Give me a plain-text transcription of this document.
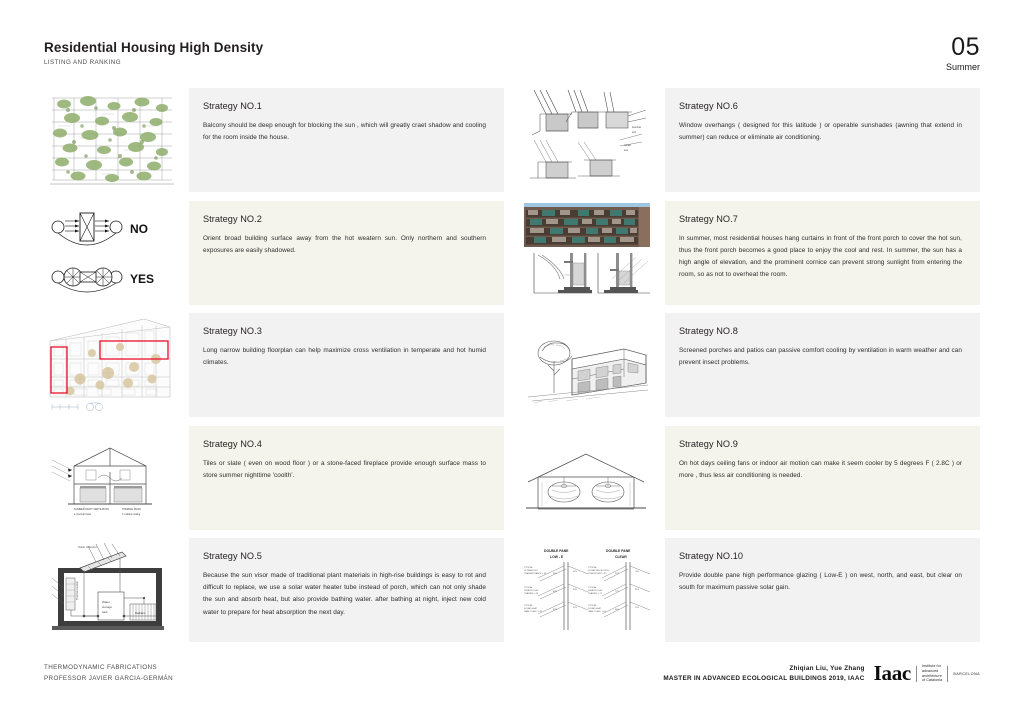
Residential Housing High Density
LISTING AND RANKING
05
Summer
Strategy NO.1
Balcony should be deep enough for blocking the sun , which will greatly craet shadow and cooling for the room inside the house.
summer
sun
winter
sun
Strategy NO.6
Window overhangs ( designed for this latitude ) or operable sunshades (awning that extend in summer) can reduce or eliminate air conditioning.
NO
YES
Strategy NO.2
Orient broad building surface away from the hot weatern sun. Only northern and southern exposures are easily shadowed.
Strategy NO.7
In summer, most residential houses hang curtains in front of the front porch to cover the hot sun, thus the front porch becomes a good place to enjoy the cool and rest. In summer, the sun has a high angle of elevation, and the prominent cornice can prevent strong sunlight from entering the room, so as not to overheat the room.
Strategy NO.3
Long narrow building floorplan can help maximize cross ventilation in temperate and hot humid climates.
Strategy NO.8
Screened porches and patios can passive comfort cooling by ventilation in warm weather and can prevent insect problems.
SUMMER NIGHT VENTILATION	THERMAL MASS
a. thermal mass	b. radiant cooling
Strategy NO.4
Tiles or slate ( even on wood floor ) or a stone-faced fireplace provide enough surface mass to store summer nighttime 'coolth'.
Strategy NO.9
On hot days ceiling fans or indoor air motion can make it seem cooler by 5 degrees F ( 2.8C ) or more , thus less air conditioning is needed.
Solar collector
Thermal module
Water
storage
tank	Radiator
Strategy NO.5
Because the sun visor made of traditional plant materials in high-rise buildings is easy to rot and difficult to replace, we use a solar water heater tube instead of porch, which can not only shade the sun and absorb heat, but also provide bathing water. after bathing at night, inject new cold water to prepare for heat absorption the next day.
DOUBLE PANE
LOW - E
DOUBLE PANE
CLEAR
TYPICAL
ULTRAVIOLET
TRANSMITTANCE = 39
TYPICAL
VISIBLE LIGHT
TRANSM. = 63
TYPICAL
SOLAR HEAT
GAIN COEFF. = 45
39%
45%
63%
60%
45%
52%
TYPICAL
SOLAR REFLECTION
COEFFICIENT = 25
TYPICAL
VISIBLE LIGHT
TRANSM. = 77
TYPICAL
SOLAR HEAT
GAIN COEFF. = 66
25%
76%
77%
81%
66%
70%
Strategy NO.10
Provide double pane high performance glazing ( Low-E ) on west, north, and east, but clear on south for maximum passive solar gain.
THERMODYNAMIC FABRICATIONS
PROFESSOR JAVIER GARCIA-GERMÁN
Zhiqian Liu, Yue Zhang
MASTER IN ADVANCED ECOLOGICAL BUILDINGS 2019, IAAC Iaac	Institute for
advanced
architecture
of Catalonia
BARCELONA
